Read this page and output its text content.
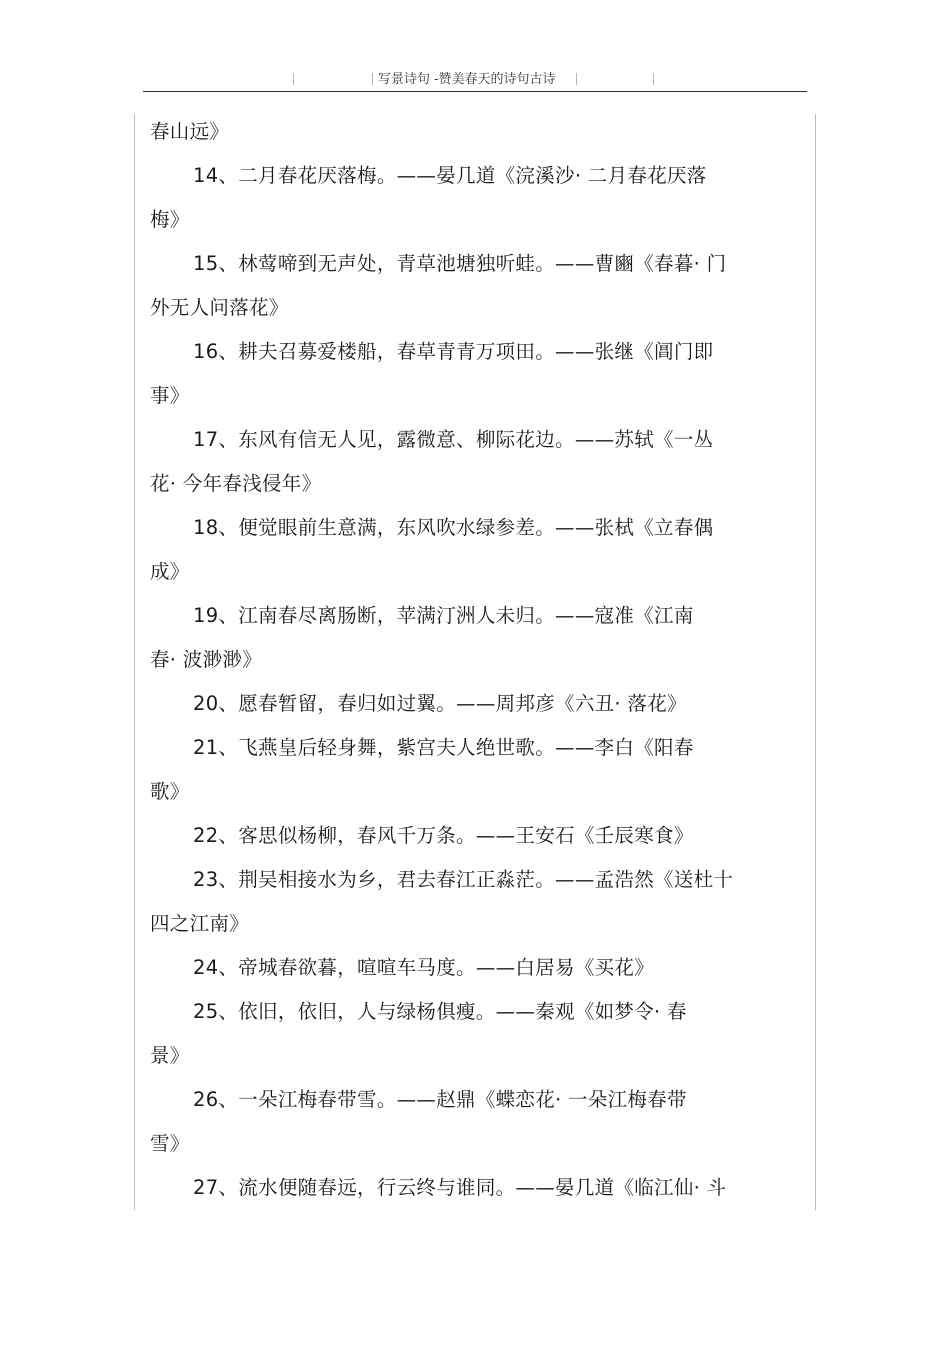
写景诗句 -赞美春天的诗句古诗
春山远》
14、二月春花厌落梅。——晏几道《浣溪沙· 二月春花厌落
梅》
15、林莺啼到无声处，青草池塘独听蛙。——曹豳《春暮· 门
外无人问落花》
16、耕夫召募爱楼船，春草青青万项田。——张继《阊门即
事》
17、东风有信无人见，露微意、柳际花边。——苏轼《一丛
花· 今年春浅侵年》
18、便觉眼前生意满，东风吹水绿参差。——张栻《立春偶
成》
19、江南春尽离肠断，苹满汀洲人未归。——寇准《江南
春· 波渺渺》
20、愿春暂留，春归如过翼。——周邦彦《六丑· 落花》
21、飞燕皇后轻身舞，紫宫夫人绝世歌。——李白《阳春
歌》
22、客思似杨柳，春风千万条。——王安石《壬辰寒食》
23、荆吴相接水为乡，君去春江正淼茫。——孟浩然《送杜十
四之江南》
24、帝城春欲暮，喧喧车马度。——白居易《买花》
25、依旧，依旧，人与绿杨俱瘦。——秦观《如梦令· 春
景》
26、一朵江梅春带雪。——赵鼎《蝶恋花· 一朵江梅春带
雪》
27、流水便随春远，行云终与谁同。——晏几道《临江仙· 斗
